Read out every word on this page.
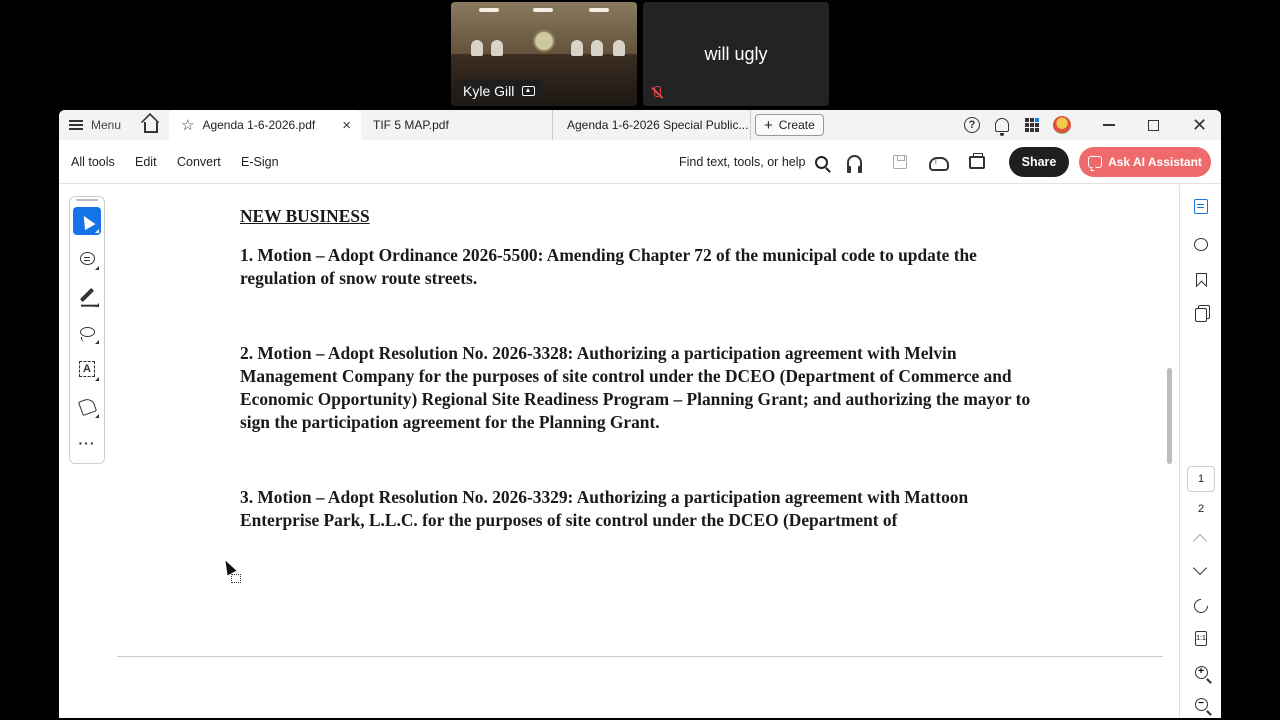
Kyle Gill
will ugly
Menu	☆ Agenda 1-6-2026.pdf × TIF 5 MAP.pdf	Agenda 1-6-2026 Special Public... + Create	?	✕
All tools Edit Convert E-Sign	Find text, tools, or help
↑	Share	Ask AI Assistant
NEW BUSINESS
1. Motion – Adopt Ordinance 2026-5500: Amending Chapter 72 of the municipal code to update the regulation of snow route streets.
2. Motion – Adopt Resolution No. 2026-3328: Authorizing a participation agreement with Melvin Management Company for the purposes of site control under the DCEO (Department of Commerce and Economic Opportunity) Regional Site Readiness Program – Planning Grant; and authorizing the mayor to sign the participation agreement for the Planning Grant.
3. Motion – Adopt Resolution No. 2026-3329: Authorizing a participation agreement with Mattoon Enterprise Park, L.L.C. for the purposes of site control under the DCEO (Department of
A
···
1
2
1:1
+
−
